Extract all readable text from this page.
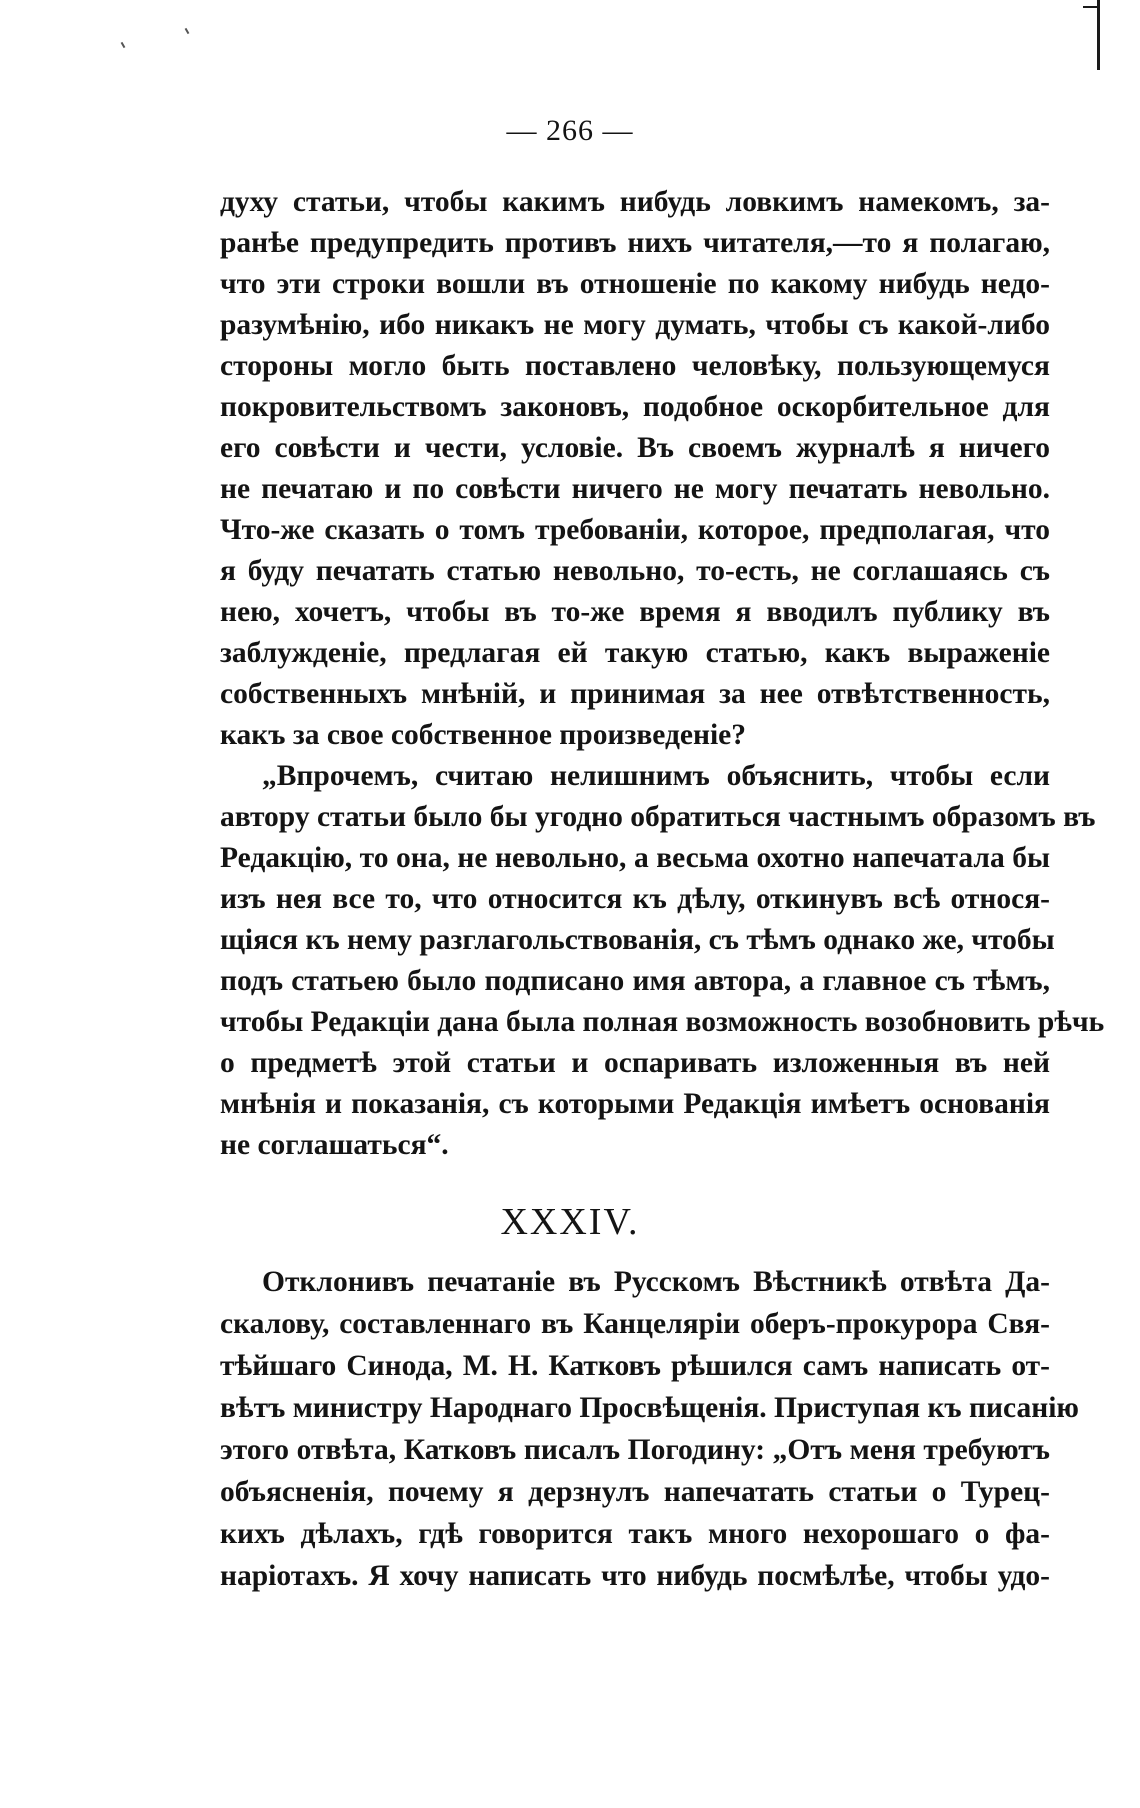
— 266 —
духу статьи, чтобы какимъ нибудь ловкимъ намекомъ, за-
ранѣе предупредить противъ нихъ читателя,—то я полагаю,
что эти строки вошли въ отношеніе по какому нибудь недо-
разумѣнію, ибо никакъ не могу думать, чтобы съ какой-либо
стороны могло быть поставлено человѣку, пользующемуся
покровительствомъ законовъ, подобное оскорбительное для
его совѣсти и чести, условіе. Въ своемъ журналѣ я ничего
не печатаю и по совѣсти ничего не могу печатать невольно.
Что-же сказать о томъ требованіи, которое, предполагая, что
я буду печатать статью невольно, то-есть, не соглашаясь съ
нею, хочетъ, чтобы въ то-же время я вводилъ публику въ
заблужденіе, предлагая ей такую статью, какъ выраженіе
собственныхъ мнѣній, и принимая за нее отвѣтственность,
какъ за свое собственное произведеніе?
„Впрочемъ, считаю нелишнимъ объяснить, чтобы если
автору статьи было бы угодно обратиться частнымъ образомъ въ
Редакцію, то она, не невольно, а весьма охотно напечатала бы
изъ нея все то, что относится къ дѣлу, откинувъ всѣ относя-
щіяся къ нему разглагольствованія, съ тѣмъ однако же, чтобы
подъ статьею было подписано имя автора, а главное съ тѣмъ,
чтобы Редакціи дана была полная возможность возобновить рѣчь
о предметѣ этой статьи и оспаривать изложенныя въ ней
мнѣнія и показанія, съ которыми Редакція имѣетъ основанія
не соглашаться“.
XXXIV.
Отклонивъ печатаніе въ Русскомъ Вѣстникѣ отвѣта Да-
скалову, составленнаго въ Канцеляріи оберъ-прокурора Свя-
тѣйшаго Синода, М. Н. Катковъ рѣшился самъ написать от-
вѣтъ министру Народнаго Просвѣщенія. Приступая къ писанію
этого отвѣта, Катковъ писалъ Погодину: „Отъ меня требуютъ
объясненія, почему я дерзнулъ напечатать статьи о Турец-
кихъ дѣлахъ, гдѣ говорится такъ много нехорошаго о фа-
наріотахъ. Я хочу написать что нибудь посмѣлѣе, чтобы удо-
